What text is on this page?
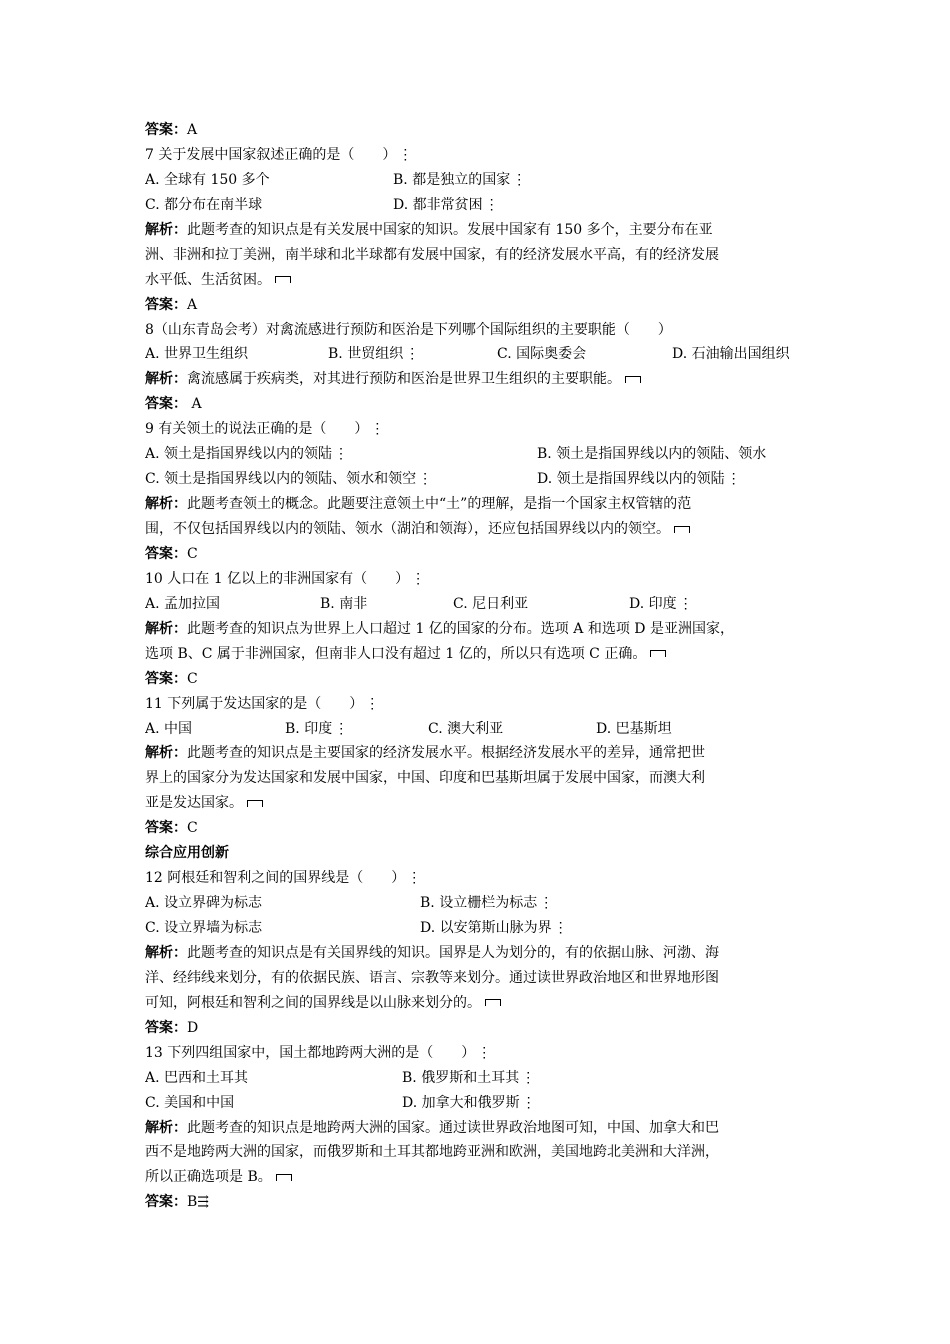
答案：A
7 关于发展中国家叙述正确的是（　　） ⋮
A. 全球有 150 多个	B. 都是独立的国家 ⋮
C. 都分布在南半球	D. 都非常贫困 ⋮
解析：此题考查的知识点是有关发展中国家的知识。发展中国家有 150 多个，主要分布在亚
洲、非洲和拉丁美洲，南半球和北半球都有发展中国家，有的经济发展水平高，有的经济发展
水平低、生活贫困。
答案：A
8（山东青岛会考）对禽流感进行预防和医治是下列哪个国际组织的主要职能（　　）
A. 世界卫生组织	B. 世贸组织 ⋮	C. 国际奥委会	D. 石油输出国组织
解析：禽流感属于疾病类，对其进行预防和医治是世界卫生组织的主要职能。
答案： A
9 有关领土的说法正确的是（　　） ⋮
A. 领土是指国界线以内的领陆 ⋮	B. 领土是指国界线以内的领陆、领水
C. 领土是指国界线以内的领陆、领水和领空 ⋮	D. 领土是指国界线以内的领陆 ⋮
解析：此题考查领土的概念。此题要注意领土中“土”的理解，是指一个国家主权管辖的范
围，不仅包括国界线以内的领陆、领水（湖泊和领海），还应包括国界线以内的领空。
答案：C
10 人口在 1 亿以上的非洲国家有（　　） ⋮
A. 孟加拉国	B. 南非	C. 尼日利亚	D. 印度 ⋮
解析：此题考查的知识点为世界上人口超过 1 亿的国家的分布。选项 A 和选项 D 是亚洲国家，
选项 B、C 属于非洲国家，但南非人口没有超过 1 亿的，所以只有选项 C 正确。
答案：C
11 下列属于发达国家的是（　　） ⋮
A. 中国	B. 印度 ⋮	C. 澳大利亚	D. 巴基斯坦
解析：此题考查的知识点是主要国家的经济发展水平。根据经济发展水平的差异，通常把世
界上的国家分为发达国家和发展中国家，中国、印度和巴基斯坦属于发展中国家，而澳大利
亚是发达国家。
答案：C
综合应用创新
12 阿根廷和智利之间的国界线是（　　） ⋮
A. 设立界碑为标志	B. 设立栅栏为标志 ⋮
C. 设立界墙为标志	D. 以安第斯山脉为界 ⋮
解析：此题考查的知识点是有关国界线的知识。国界是人为划分的，有的依据山脉、河渤、海
洋、经纬线来划分，有的依据民族、语言、宗教等来划分。通过读世界政治地区和世界地形图
可知，阿根廷和智利之间的国界线是以山脉来划分的。
答案：D
13 下列四组国家中，国土都地跨两大洲的是（　　） ⋮
A. 巴西和土耳其	B. 俄罗斯和土耳其 ⋮
C. 美国和中国	D. 加拿大和俄罗斯 ⋮
解析：此题考查的知识点是地跨两大洲的国家。通过读世界政治地图可知，中国、加拿大和巴
西不是地跨两大洲的国家，而俄罗斯和土耳其都地跨亚洲和欧洲，美国地跨北美洲和大洋洲，
所以正确选项是 B。
答案：B⇶
